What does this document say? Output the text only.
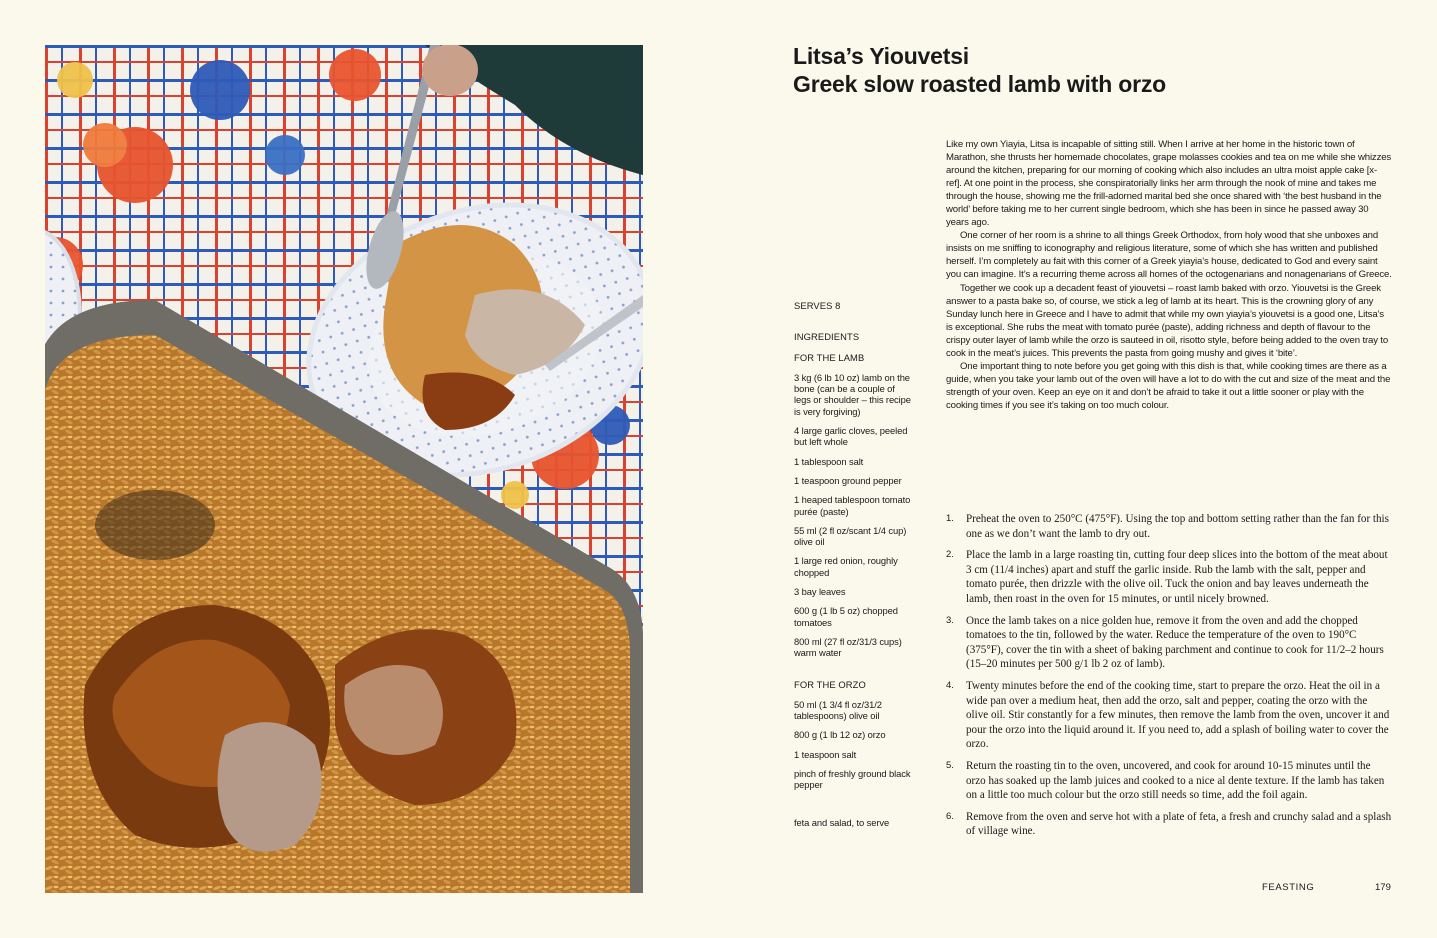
Litsa’s Yiouvetsi
Greek slow roasted lamb with orzo

Like my own Yiayia, Litsa is incapable of sitting still. When I arrive at her home in the historic town of Marathon, she thrusts her homemade chocolates, grape molasses cookies and tea on me while she whizzes around the kitchen, preparing for our morning of cooking which also includes an ultra moist apple cake [x-ref]. At one point in the process, she conspiratorially links her arm through the nook of mine and takes me through the house, showing me the frill-adorned marital bed she once shared with ‘the best husband in the world’ before taking me to her current single bedroom, which she has been in since he passed away 30 years ago.

One corner of her room is a shrine to all things Greek Orthodox, from holy wood that she unboxes and insists on me sniffing to iconography and religious literature, some of which she has written and published herself. I’m completely au fait with this corner of a Greek yiayia’s house, dedicated to God and every saint you can imagine. It’s a recurring theme across all homes of the octogenarians and nonagenarians of Greece.

Together we cook up a decadent feast of yiouvetsi – roast lamb baked with orzo. Yiouvetsi is the Greek answer to a pasta bake so, of course, we stick a leg of lamb at its heart. This is the crowning glory of any Sunday lunch here in Greece and I have to admit that while my own yiayia’s yiouvetsi is a good one, Litsa’s is exceptional. She rubs the meat with tomato purée (paste), adding richness and depth of flavour to the crispy outer layer of lamb while the orzo is sauteed in oil, risotto style, before being added to the oven tray to cook in the meat’s juices. This prevents the pasta from going mushy and gives it ‘bite’.

One important thing to note before you get going with this dish is that, while cooking times are there as a guide, when you take your lamb out of the oven will have a lot to do with the cut and size of the meat and the strength of your oven. Keep an eye on it and don’t be afraid to take it out a little sooner or play with the cooking times if you see it’s taking on too much colour.

SERVES 8

INGREDIENTS

FOR THE LAMB

3 kg (6 lb 10 oz) lamb on the bone (can be a couple of legs or shoulder – this recipe is very forgiving)

4 large garlic cloves, peeled but left whole

1 tablespoon salt

1 teaspoon ground pepper

1 heaped tablespoon tomato purée (paste)

55 ml (2 fl oz/scant 1/4 cup) olive oil

1 large red onion, roughly chopped

3 bay leaves

600 g (1 lb 5 oz) chopped tomatoes

800 ml (27 fl oz/31/3 cups) warm water

FOR THE ORZO

50 ml (1 3/4 fl oz/31/2 tablespoons) olive oil

800 g (1 lb 12 oz) orzo

1 teaspoon salt

pinch of freshly ground black pepper

feta and salad, to serve

1. Preheat the oven to 250°C (475°F). Using the top and bottom setting rather than the fan for this one as we don’t want the lamb to dry out.
2. Place the lamb in a large roasting tin, cutting four deep slices into the bottom of the meat about 3 cm (11/4 inches) apart and stuff the garlic inside. Rub the lamb with the salt, pepper and tomato purée, then drizzle with the olive oil. Tuck the onion and bay leaves underneath the lamb, then roast in the oven for 15 minutes, or until nicely browned.
3. Once the lamb takes on a nice golden hue, remove it from the oven and add the chopped tomatoes to the tin, followed by the water. Reduce the temperature of the oven to 190°C (375°F), cover the tin with a sheet of baking parchment and continue to cook for 11/2–2 hours (15–20 minutes per 500 g/1 lb 2 oz of lamb).
4. Twenty minutes before the end of the cooking time, start to prepare the orzo. Heat the oil in a wide pan over a medium heat, then add the orzo, salt and pepper, coating the orzo with the olive oil. Stir constantly for a few minutes, then remove the lamb from the oven, uncover it and pour the orzo into the liquid around it. If you need to, add a splash of boiling water to cover the orzo.
5. Return the roasting tin to the oven, uncovered, and cook for around 10-15 minutes until the orzo has soaked up the lamb juices and cooked to a nice al dente texture. If the lamb has taken on a little too much colour but the orzo still needs so time, add the foil again.
6. Remove from the oven and serve hot with a plate of feta, a fresh and crunchy salad and a splash of village wine.
FEASTING	179
